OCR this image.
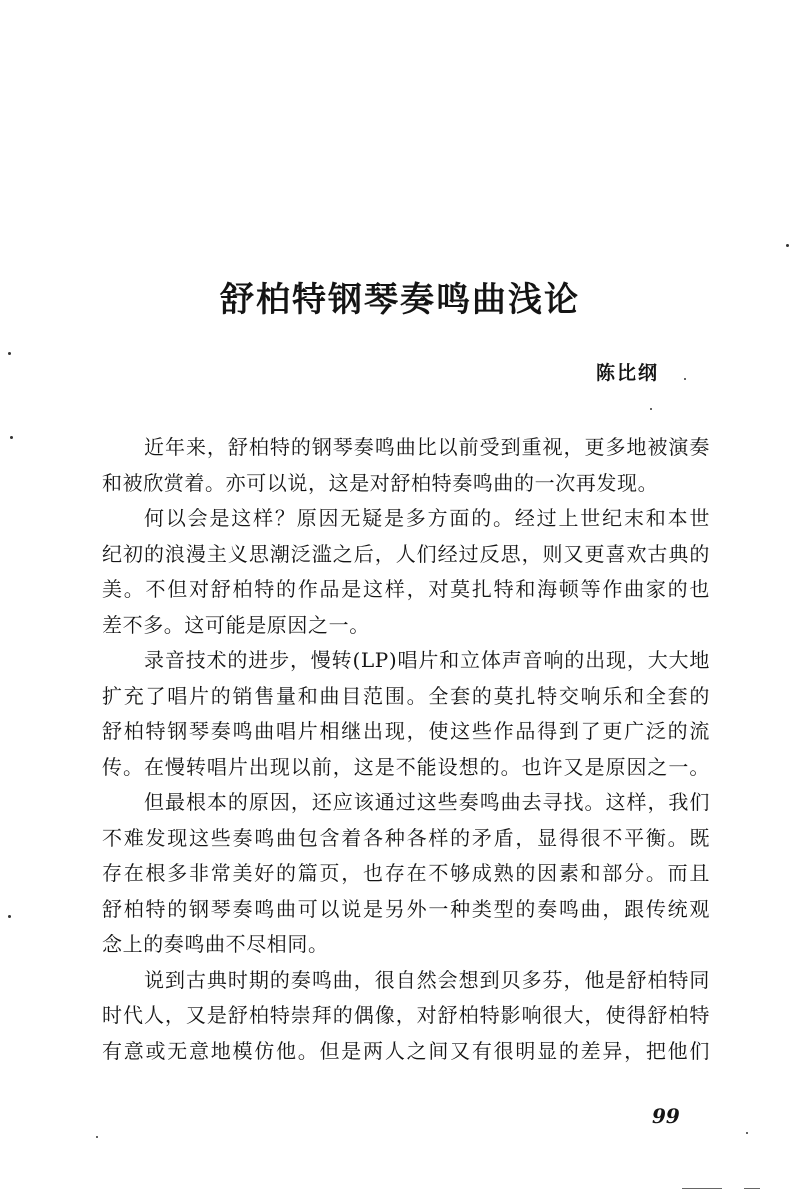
舒柏特钢琴奏鸣曲浅论
陈比纲

近年来，舒柏特的钢琴奏鸣曲比以前受到重视，更多地被演奏
和被欣赏着。亦可以说，这是对舒柏特奏鸣曲的一次再发现。

何以会是这样？原因无疑是多方面的。经过上世纪末和本世
纪初的浪漫主义思潮泛滥之后，人们经过反思，则又更喜欢古典的
美。不但对舒柏特的作品是这样，对莫扎特和海顿等作曲家的也
差不多。这可能是原因之一。

录音技术的进步，慢转(LP)唱片和立体声音响的出现，大大地
扩充了唱片的销售量和曲目范围。全套的莫扎特交响乐和全套的
舒柏特钢琴奏鸣曲唱片相继出现，使这些作品得到了更广泛的流
传。在慢转唱片出现以前，这是不能设想的。也许又是原因之一。

但最根本的原因，还应该通过这些奏鸣曲去寻找。这样，我们
不难发现这些奏鸣曲包含着各种各样的矛盾，显得很不平衡。既
存在根多非常美好的篇页，也存在不够成熟的因素和部分。而且
舒柏特的钢琴奏鸣曲可以说是另外一种类型的奏鸣曲，跟传统观
念上的奏鸣曲不尽相同。

说到古典时期的奏鸣曲，很自然会想到贝多芬，他是舒柏特同
时代人，又是舒柏特崇拜的偶像，对舒柏特影响很大，使得舒柏特
有意或无意地模仿他。但是两人之间又有很明显的差异，把他们

99
